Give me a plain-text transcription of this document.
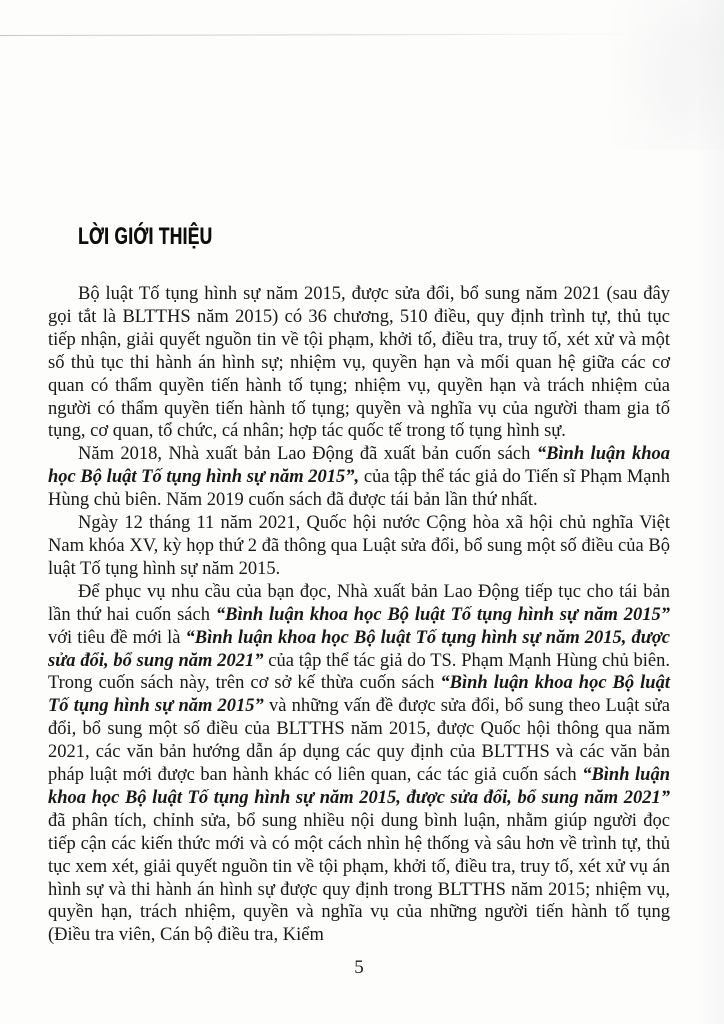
LỜI GIỚI THIỆU

Bộ luật Tố tụng hình sự năm 2015, được sửa đổi, bổ sung năm 2021 (sau đây gọi tắt là BLTTHS năm 2015) có 36 chương, 510 điều, quy định trình tự, thủ tục tiếp nhận, giải quyết nguồn tin về tội phạm, khởi tố, điều tra, truy tố, xét xử và một số thủ tục thi hành án hình sự; nhiệm vụ, quyền hạn và mối quan hệ giữa các cơ quan có thẩm quyền tiến hành tố tụng; nhiệm vụ, quyền hạn và trách nhiệm của người có thẩm quyền tiến hành tố tụng; quyền và nghĩa vụ của người tham gia tố tụng, cơ quan, tổ chức, cá nhân; hợp tác quốc tế trong tố tụng hình sự.

Năm 2018, Nhà xuất bản Lao Động đã xuất bản cuốn sách “Bình luận khoa học Bộ luật Tố tụng hình sự năm 2015”, của tập thể tác giả do Tiến sĩ Phạm Mạnh Hùng chủ biên. Năm 2019 cuốn sách đã được tái bản lần thứ nhất.

Ngày 12 tháng 11 năm 2021, Quốc hội nước Cộng hòa xã hội chủ nghĩa Việt Nam khóa XV, kỳ họp thứ 2 đã thông qua Luật sửa đổi, bổ sung một số điều của Bộ luật Tố tụng hình sự năm 2015.

Để phục vụ nhu cầu của bạn đọc, Nhà xuất bản Lao Động tiếp tục cho tái bản lần thứ hai cuốn sách “Bình luận khoa học Bộ luật Tố tụng hình sự năm 2015” với tiêu đề mới là “Bình luận khoa học Bộ luật Tố tụng hình sự năm 2015, được sửa đổi, bổ sung năm 2021” của tập thể tác giả do TS. Phạm Mạnh Hùng chủ biên. Trong cuốn sách này, trên cơ sở kế thừa cuốn sách “Bình luận khoa học Bộ luật Tố tụng hình sự năm 2015” và những vấn đề được sửa đổi, bổ sung theo Luật sửa đổi, bổ sung một số điều của BLTTHS năm 2015, được Quốc hội thông qua năm 2021, các văn bản hướng dẫn áp dụng các quy định của BLTTHS và các văn bản pháp luật mới được ban hành khác có liên quan, các tác giả cuốn sách “Bình luận khoa học Bộ luật Tố tụng hình sự năm 2015, được sửa đổi, bổ sung năm 2021” đã phân tích, chỉnh sửa, bổ sung nhiều nội dung bình luận, nhằm giúp người đọc tiếp cận các kiến thức mới và có một cách nhìn hệ thống và sâu hơn về trình tự, thủ tục xem xét, giải quyết nguồn tin về tội phạm, khởi tố, điều tra, truy tố, xét xử vụ án hình sự và thi hành án hình sự được quy định trong BLTTHS năm 2015; nhiệm vụ, quyền hạn, trách nhiệm, quyền và nghĩa vụ của những người tiến hành tố tụng (Điều tra viên, Cán bộ điều tra, Kiểm

5
